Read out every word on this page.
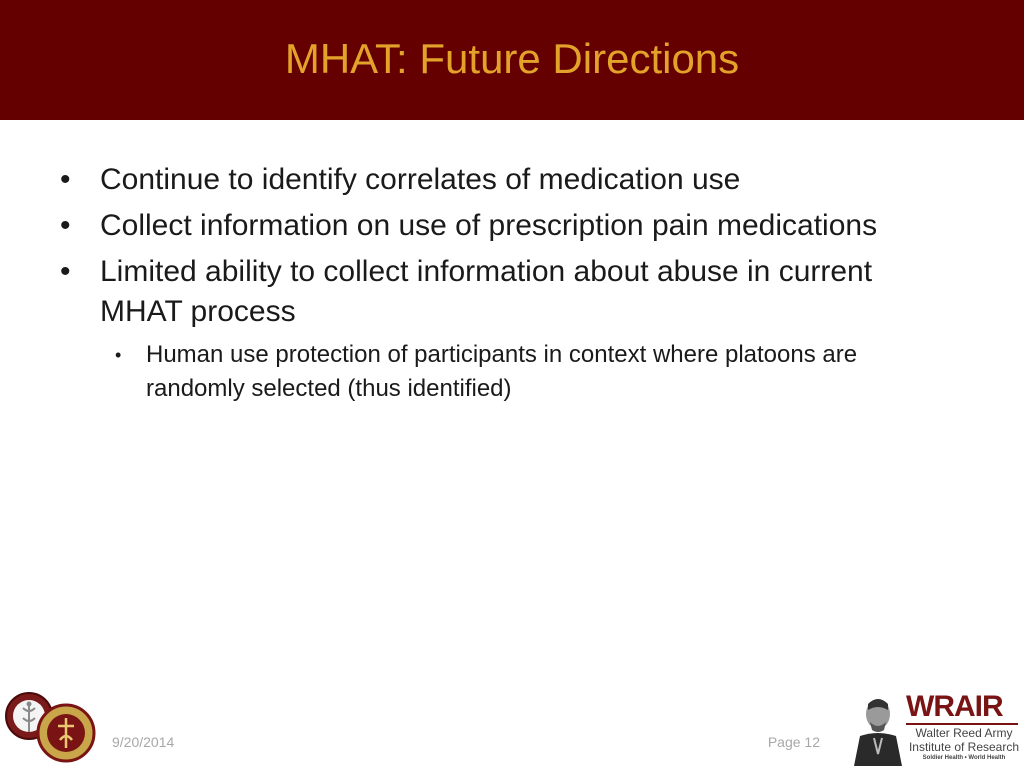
MHAT: Future Directions
• Continue to identify correlates of medication use
• Collect information on use of prescription pain medications
• Limited ability to collect information about abuse in current MHAT process
• Human use protection of participants in context where platoons are randomly selected (thus identified)
9/20/2014	Page 12
WRAIR
Walter Reed Army
Institute of Research
Soldier Health • World Health
